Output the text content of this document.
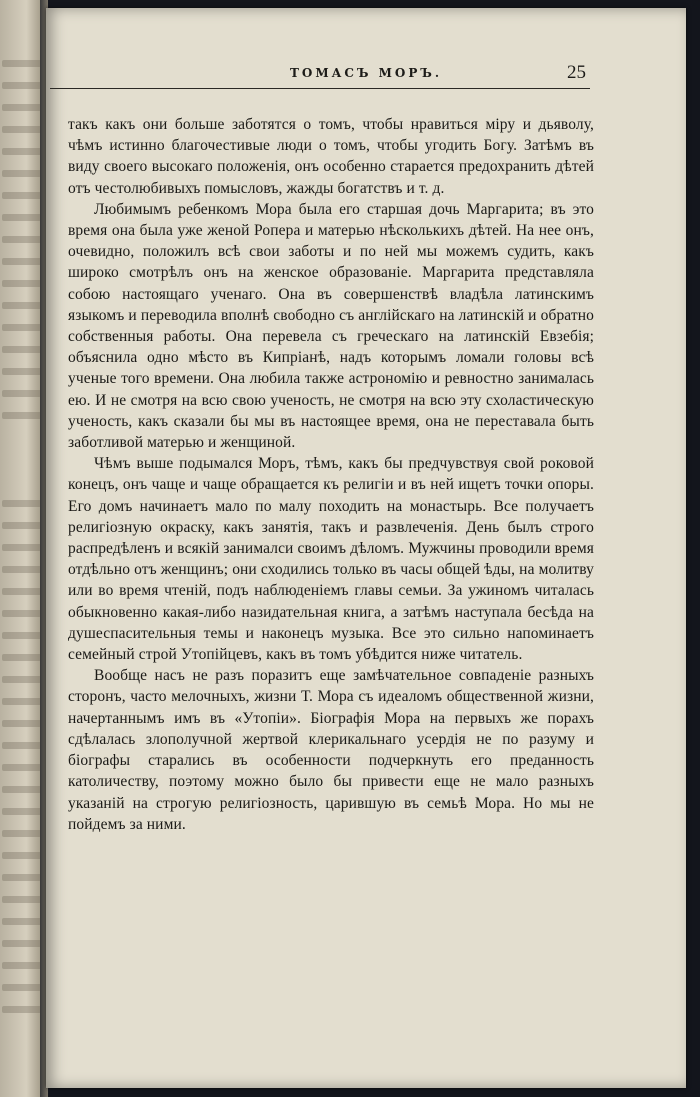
ТОМАСЪ МОРЪ.	25

такъ какъ они больше заботятся о томъ, чтобы нравиться міру и дьяволу, чѣмъ истинно благочестивые люди о томъ, чтобы угодить Богу. Затѣмъ въ виду своего высокаго положенія, онъ особенно старается предохранить дѣтей отъ честолюбивыхъ помысловъ, жажды богатствъ и т. д.

Любимымъ ребенкомъ Мора была его старшая дочь Маргарита; въ это время она была уже женой Ропера и матерью нѣсколькихъ дѣтей. На нее онъ, очевидно, положилъ всѣ свои заботы и по ней мы можемъ судить, какъ широко смотрѣлъ онъ на женское образованіе. Маргарита представляла собою настоящаго ученаго. Она въ совершенствѣ владѣла латинскимъ языкомъ и переводила вполнѣ свободно съ англійскаго на латинскій и обратно собственныя работы. Она перевела съ греческаго на латинскій Евзебія; объяснила одно мѣсто въ Кипріанѣ, надъ которымъ ломали головы всѣ ученые того времени. Она любила также астрономію и ревностно занималась ею. И не смотря на всю свою ученость, не смотря на всю эту схоластическую ученость, какъ сказали бы мы въ настоящее время, она не переставала быть заботливой матерью и женщиной.

Чѣмъ выше подымался Моръ, тѣмъ, какъ бы предчувствуя свой роковой конецъ, онъ чаще и чаще обращается къ религіи и въ ней ищетъ точки опоры. Его домъ начинаетъ мало по малу походить на монастырь. Все получаетъ религіозную окраску, какъ занятія, такъ и развлеченія. День былъ строго распредѣленъ и всякій занималси своимъ дѣломъ. Мужчины проводили время отдѣльно отъ женщинъ; они сходились только въ часы общей ѣды, на молитву или во время чтеній, подъ наблюденіемъ главы семьи. За ужиномъ читалась обыкновенно какая-либо назидательная книга, а затѣмъ наступала бесѣда на душеспасительныя темы и наконецъ музыка. Все это сильно напоминаетъ семейный строй Утопійцевъ, какъ въ томъ убѣдится ниже читатель.

Вообще насъ не разъ поразитъ еще замѣчательное совпаденіе разныхъ сторонъ, часто мелочныхъ, жизни Т. Мора съ идеаломъ общественной жизни, начертаннымъ имъ въ «Утопіи». Біографія Мора на первыхъ же порахъ сдѣлалась злополучной жертвой клерикальнаго усердія не по разуму и біографы старались въ особенности подчеркнуть его преданность католичеству, поэтому можно было бы привести еще не мало разныхъ указаній на строгую религіозность, царившую въ семьѣ Мора. Но мы не пойдемъ за ними.
